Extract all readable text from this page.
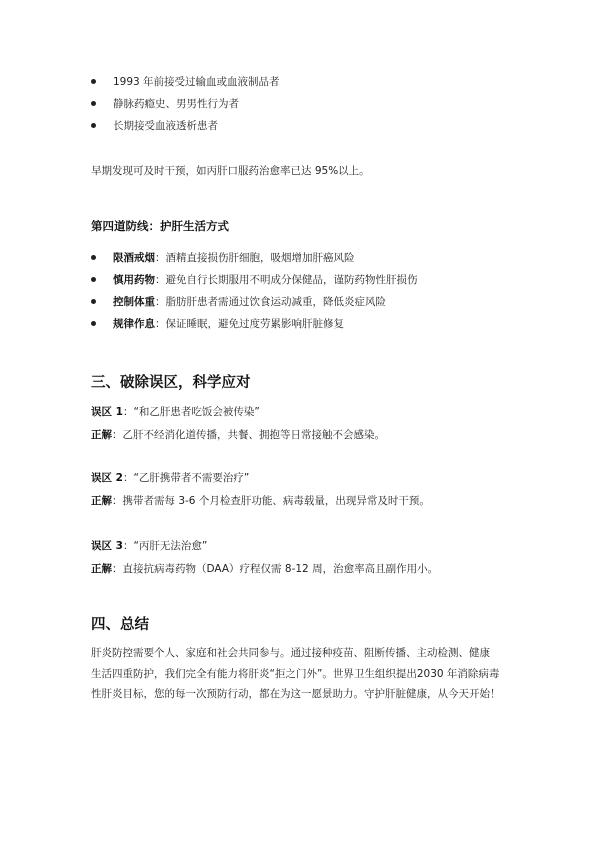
1993 年前接受过输血或血液制品者
静脉药瘾史、男男性行为者
长期接受血液透析患者
早期发现可及时干预，如丙肝口服药治愈率已达 95%以上。
第四道防线：护肝生活方式
限酒戒烟：酒精直接损伤肝细胞，吸烟增加肝癌风险
慎用药物：避免自行长期服用不明成分保健品，谨防药物性肝损伤
控制体重：脂肪肝患者需通过饮食运动减重，降低炎症风险
规律作息：保证睡眠，避免过度劳累影响肝脏修复
三、破除误区，科学应对
误区 1：“和乙肝患者吃饭会被传染”
正解：乙肝不经消化道传播，共餐、拥抱等日常接触不会感染。
误区 2：“乙肝携带者不需要治疗”
正解：携带者需每 3-6 个月检查肝功能、病毒载量，出现异常及时干预。
误区 3：“丙肝无法治愈”
正解：直接抗病毒药物（DAA）疗程仅需 8-12 周，治愈率高且副作用小。
四、总结
肝炎防控需要个人、家庭和社会共同参与。通过接种疫苗、阻断传播、主动检测、健康
生活四重防护，我们完全有能力将肝炎“拒之门外”。世界卫生组织提出2030 年消除病毒
性肝炎目标，您的每一次预防行动，都在为这一愿景助力。守护肝脏健康，从今天开始！
